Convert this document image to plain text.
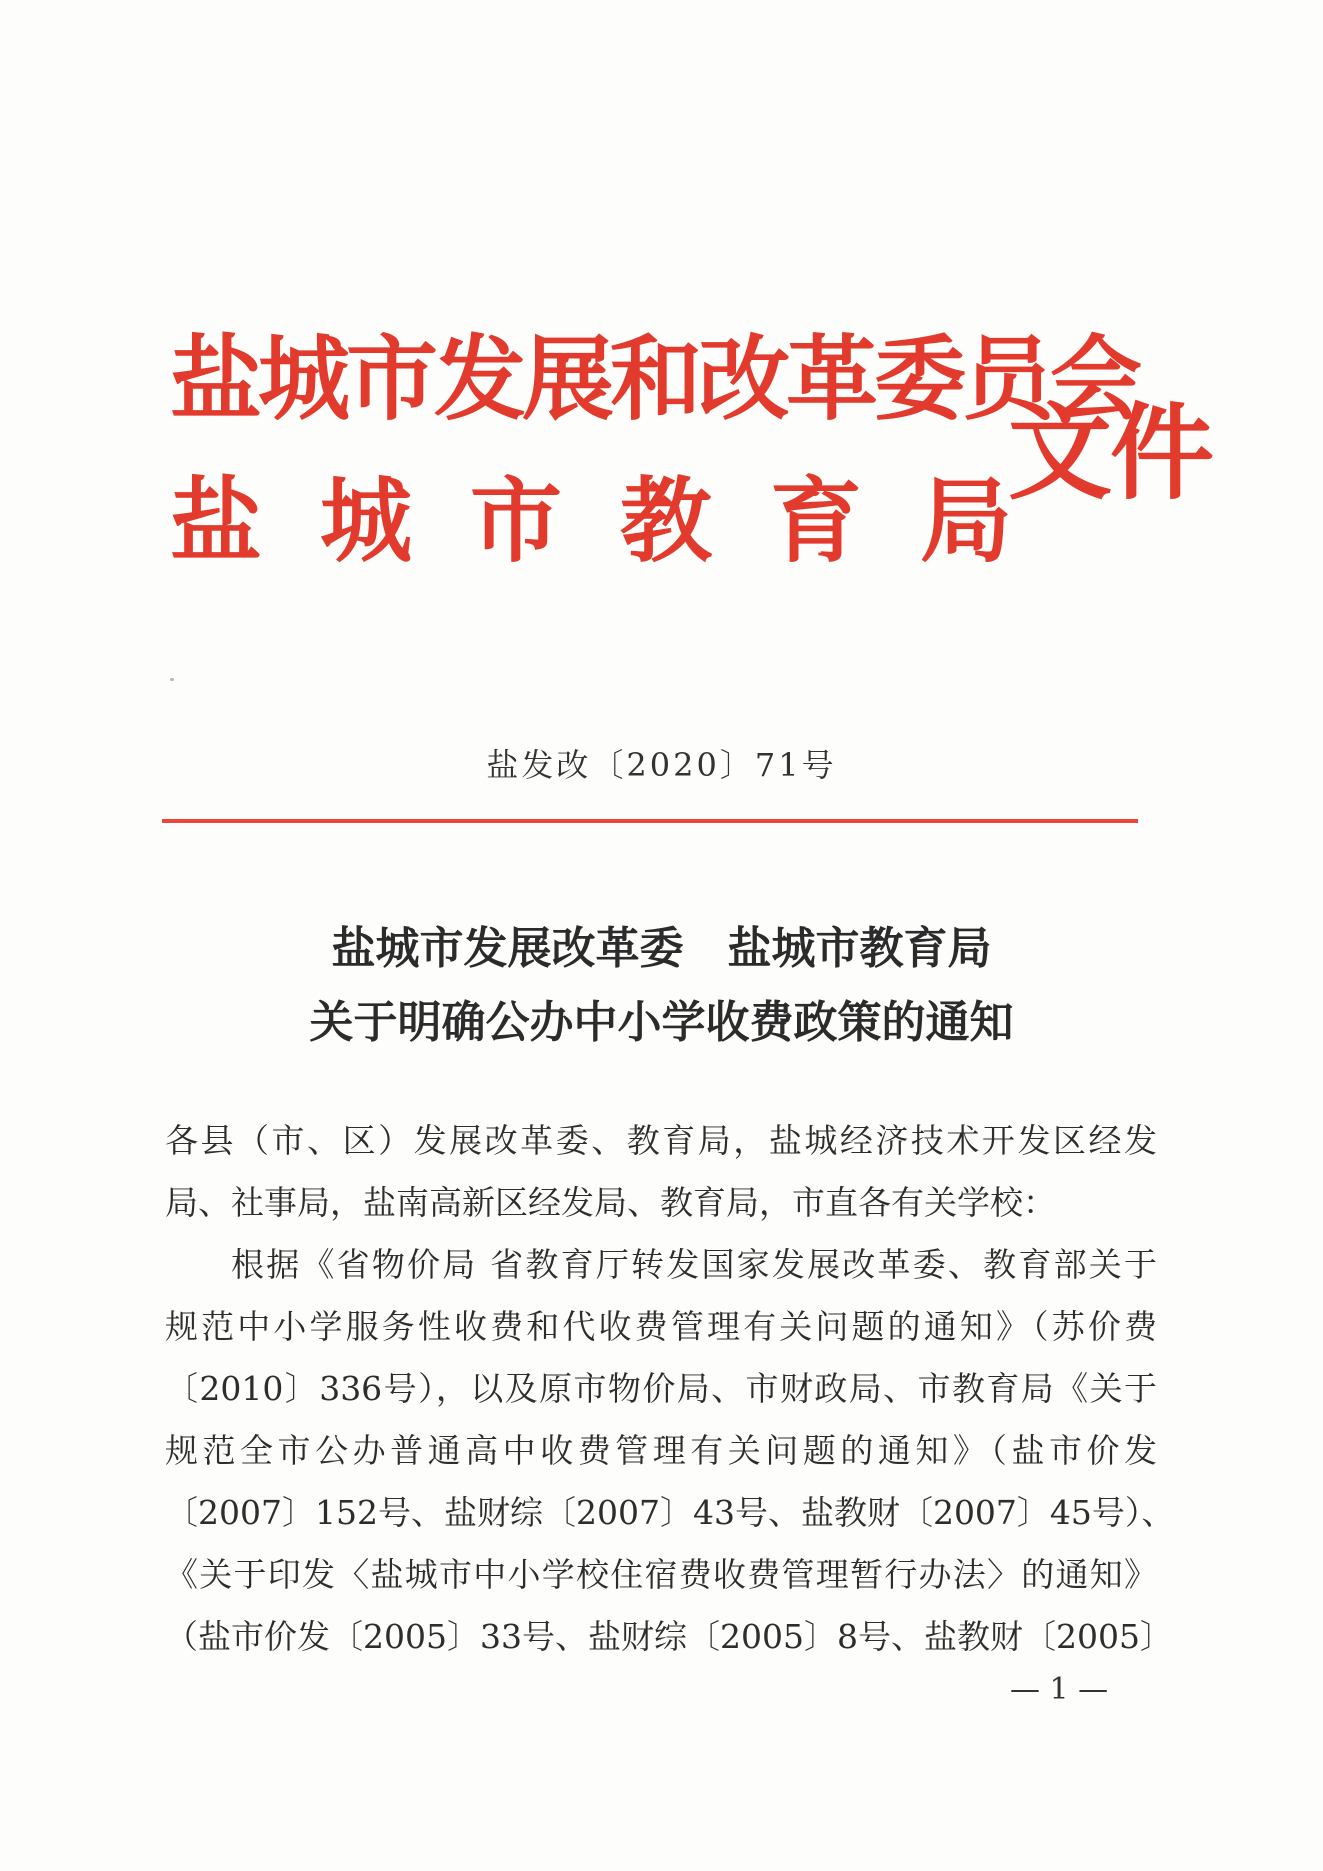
盐城市发展和改革委员会
盐城市教育局
文件
盐发改〔2020〕71号
盐城市发展改革委 盐城市教育局
关于明确公办中小学收费政策的通知
各县（市、区）发展改革委、教育局，盐城经济技术开发区经发
局、社事局，盐南高新区经发局、教育局，市直各有关学校：
根据《省物价局 省教育厅转发国家发展改革委、教育部关于
规范中小学服务性收费和代收费管理有关问题的通知》（苏价费
〔2010〕336号），以及原市物价局、市财政局、市教育局《关于
规范全市公办普通高中收费管理有关问题的通知》（盐市价发
〔2007〕152号、盐财综〔2007〕43号、盐教财〔2007〕45号）、
《关于印发〈盐城市中小学校住宿费收费管理暂行办法〉的通知》
（盐市价发〔2005〕33号、盐财综〔2005〕8号、盐教财〔2005〕
— 1 —
